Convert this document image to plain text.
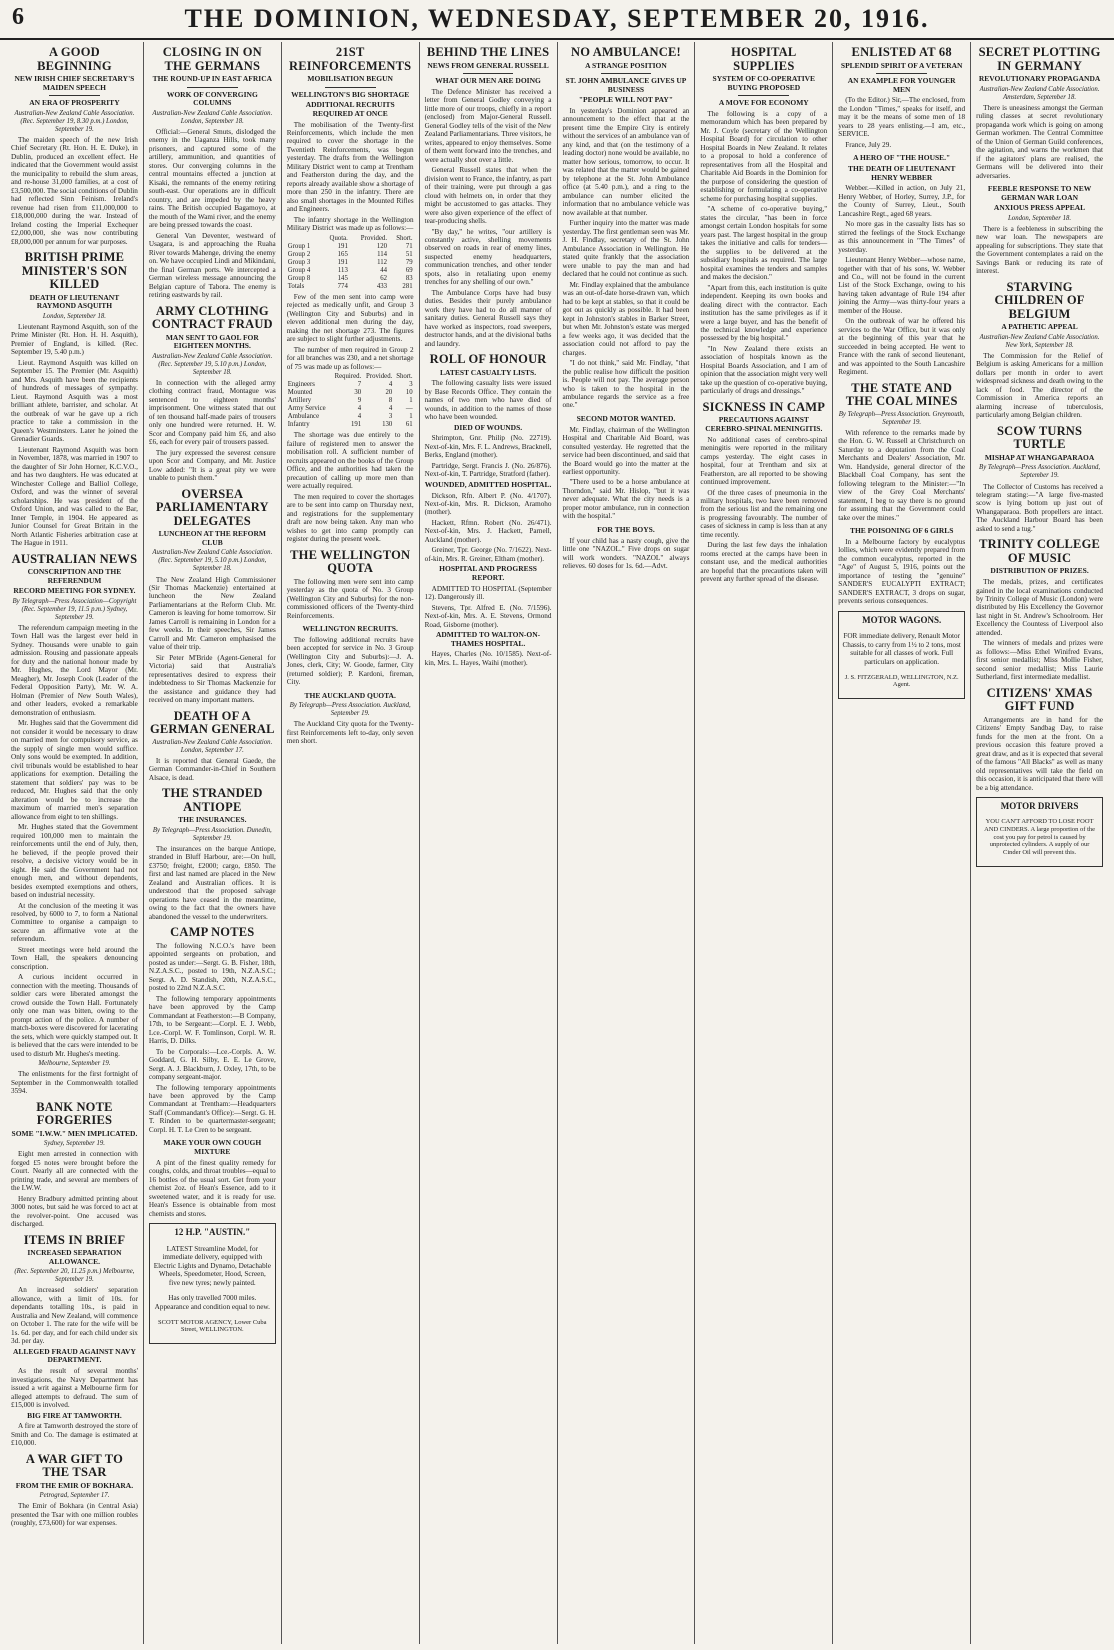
6	THE DOMINION, WEDNESDAY, SEPTEMBER 20, 1916.
A GOOD BEGINNING
NEW IRISH CHIEF SECRETARY'S MAIDEN SPEECH
AN ERA OF PROSPERITY

Australian-New Zealand Cable Association. (Rec. September 19, 8.30 p.m.) London, September 19.

The maiden speech of the new Irish Chief Secretary (Rt. Hon. H. E. Duke), in Dublin, produced an excellent effect. He indicated that the Government would assist the municipality to rebuild the slum areas, and re-house 31,000 families, at a cost of £3,500,000. The social conditions of Dublin had reflected Sinn Feinism. Ireland's revenue had risen from £11,000,000 to £18,000,000 during the war. Instead of Ireland costing the Imperial Exchequer £2,000,000, she was now contributing £8,000,000 per annum for war purposes.

BRITISH PRIME MINISTER'S SON KILLED
DEATH OF LIEUTENANT RAYMOND ASQUITH

London, September 18.

Lieutenant Raymond Asquith, son of the Prime Minister (Rt. Hon. H. H. Asquith), Premier of England, is killed. (Rec. September 19, 5.40 p.m.)

Lieut. Raymond Asquith was killed on September 15. The Premier (Mr. Asquith) and Mrs. Asquith have been the recipients of hundreds of messages of sympathy. Lieut. Raymond Asquith was a most brilliant athlete, barrister, and scholar. At the outbreak of war he gave up a rich practice to take a commission in the Queen's Westminsters. Later he joined the Grenadier Guards.

Lieutenant Raymond Asquith was born in November, 1878, was married in 1907 to the daughter of Sir John Horner, K.C.V.O., and has two daughters. He was educated at Winchester College and Balliol College, Oxford, and was the winner of several scholarships. He was president of the Oxford Union, and was called to the Bar, Inner Temple, in 1904. He appeared as Junior Counsel for Great Britain in the North Atlantic Fisheries arbitration case at The Hague in 1911.

AUSTRALIAN NEWS
CONSCRIPTION AND THE REFERENDUM
RECORD MEETING FOR SYDNEY.

By Telegraph—Press Association—Copyright (Rec. September 19, 11.5 p.m.) Sydney, September 19.

The referendum campaign meeting in the Town Hall was the largest ever held in Sydney. Thousands were unable to gain admission. Rousing and passionate appeals for duty and the national honour made by Mr. Hughes, the Lord Mayor (Mr. Meagher), Mr. Joseph Cook (Leader of the Federal Opposition Party), Mr. W. A. Holman (Premier of New South Wales), and other leaders, evoked a remarkable demonstration of enthusiasm.

Mr. Hughes said that the Government did not consider it would be necessary to draw on married men for compulsory service, as the supply of single men would suffice. Only sons would be exempted. In addition, civil tribunals would be established to hear applications for exemption. Detailing the statement that soldiers' pay was to be reduced, Mr. Hughes said that the only alteration would be to increase the maximum of married men's separation allowance from eight to ten shillings.

Mr. Hughes stated that the Government required 100,000 men to maintain the reinforcements until the end of July, then, he believed, if the people proved their resolve, a decisive victory would be in sight. He said the Government had not enough men, and without dependents, besides exempted exemptions and others, based on industrial necessity.

At the conclusion of the meeting it was resolved, by 6000 to 7, to form a National Committee to organise a campaign to secure an affirmative vote at the referendum.

Street meetings were held around the Town Hall, the speakers denouncing conscription.

A curious incident occurred in connection with the meeting. Thousands of soldier cars were liberated amongst the crowd outside the Town Hall. Fortunately only one man was bitten, owing to the prompt action of the police. A number of match-boxes were discovered for lacerating the sets, which were quickly stamped out. It is believed that the cars were intended to be used to disturb Mr. Hughes's meeting.

Melbourne, September 19.

The enlistments for the first fortnight of September in the Commonwealth totalled 3594.

BANK NOTE FORGERIES
SOME "I.W.W." MEN IMPLICATED.

Sydney, September 19.

Eight men arrested in connection with forged £5 notes were brought before the Court. Nearly all are connected with the printing trade, and several are members of the I.W.W.

Henry Bradbury admitted printing about 3000 notes, but said he was forced to act at the revolver-point. One accused was discharged.

ITEMS IN BRIEF
INCREASED SEPARATION ALLOWANCE.

(Rec. September 20, 11.25 p.m.) Melbourne, September 19.

An increased soldiers' separation allowance, with a limit of 10s. for dependants totalling 10s., is paid in Australia and New Zealand, will commence on October 1. The rate for the wife will be 1s. 6d. per day, and for each child under six 3d. per day.

ALLEGED FRAUD AGAINST NAVY DEPARTMENT.

As the result of several months' investigations, the Navy Department has issued a writ against a Melbourne firm for alleged attempts to defraud. The sum of £15,000 is involved.

BIG FIRE AT TAMWORTH.

A fire at Tamworth destroyed the store of Smith and Co. The damage is estimated at £10,000.

A WAR GIFT TO THE TSAR
FROM THE EMIR OF BOKHARA.

Petrograd, September 17.

The Emir of Bokhara (in Central Asia) presented the Tsar with one million roubles (roughly, £73,600) for war expenses.

CLOSING IN ON THE GERMANS
THE ROUND-UP IN EAST AFRICA
WORK OF CONVERGING COLUMNS

Australian-New Zealand Cable Association. London, September 18.

Official:—General Smuts, dislodged the enemy in the Uaganza Hills, took many prisoners, and captured some of the artillery, ammunition, and quantities of stores. Our converging columns in the central mountains effected a junction at Kisaki, the remnants of the enemy retiring south-east. Our operations are in difficult country, and are impeded by the heavy rains. The British occupied Bagamoyo, at the mouth of the Wami river, and the enemy are being pressed towards the coast.

General Van Deventer, westward of Usagara, is and approaching the Ruaha River towards Mahenge, driving the enemy on. We have occupied Lindi and Mikindani, the final German ports. We intercepted a German wireless message announcing the Belgian capture of Tabora. The enemy is retiring eastwards by rail.

ARMY CLOTHING CONTRACT FRAUD
MAN SENT TO GAOL FOR EIGHTEEN MONTHS.

Australian-New Zealand Cable Association. (Rec. September 19, 5.10 p.m.) London, September 18.

In connection with the alleged army clothing contract fraud, Montague was sentenced to eighteen months' imprisonment. One witness stated that out of ten thousand half-made pairs of trousers only one hundred were returned. H. W. Scor and Company paid him £6, and also £6, each for every pair of trousers passed.

The jury expressed the severest censure upon Scor and Company, and Mr. Justice Low added: "It is a great pity we were unable to punish them."

OVERSEA PARLIAMENTARY DELEGATES
LUNCHEON AT THE REFORM CLUB

Australian-New Zealand Cable Association. (Rec. September 19, 5.10 p.m.) London, September 18.

The New Zealand High Commissioner (Sir Thomas Mackenzie) entertained at luncheon the New Zealand Parliamentarians at the Reform Club. Mr. Cameron is leaving for home tomorrow. Sir James Carroll is remaining in London for a few weeks. In their speeches, Sir James Carroll and Mr. Cameron emphasised the value of their trip.

Sir Peter M'Bride (Agent-General for Victoria) said that Australia's representatives desired to express their indebtedness to Sir Thomas Mackenzie for the assistance and guidance they had received on many important matters.

DEATH OF A GERMAN GENERAL

Australian-New Zealand Cable Association. London, September 17.

It is reported that General Gaede, the German Commander-in-Chief in Southern Alsace, is dead.

THE STRANDED ANTIOPE
THE INSURANCES.

By Telegraph—Press Association. Dunedin, September 19.

The insurances on the barque Antiope, stranded in Bluff Harbour, are:—On hull, £3750; freight, £2000; cargo, £850. The first and last named are placed in the New Zealand and Australian offices. It is understood that the proposed salvage operations have ceased in the meantime, owing to the fact that the owners have abandoned the vessel to the underwriters.

CAMP NOTES

The following N.C.O.'s have been appointed sergeants on probation, and posted as under:—Sergt. G. B. Fisher, 18th, N.Z.A.S.C., posted to 19th, N.Z.A.S.C.; Sergt. A. D. Standish, 20th, N.Z.A.S.C., posted to 22nd N.Z.A.S.C.

The following temporary appointments have been approved by the Camp Commandant at Featherston:—B Company, 17th, to be Sergeant:—Corpl. E. J. Webb, Lce.-Corpl. W. F. Tomlinson, Corpl. W. R. Harris, D. Dilks.

To be Corporals:—Lce.-Corpls. A. W. Goddard, G. H. Silby, E. E. Le Grove, Sergt. A. J. Blackburn, J. Oxley, 17th, to be company sergeant-major.

The following temporary appointments have been approved by the Camp Commandant at Trentham:—Headquarters Staff (Commandant's Office):—Sergt. G. H. T. Rinden to be quartermaster-sergeant; Corpl. H. T. Le Cren to be sergeant.

MAKE YOUR OWN COUGH MIXTURE

A pint of the finest quality remedy for coughs, colds, and throat troubles—equal to 16 bottles of the usual sort. Get from your chemist 2oz. of Hean's Essence, add to it sweetened water, and it is ready for use. Hean's Essence is obtainable from most chemists and stores.

12 H.P. "AUSTIN."

LATEST Streamline Model, for immediate delivery, equipped with Electric Lights and Dynamo, Detachable Wheels, Speedometer, Hood, Screen, five new tyres; newly painted.

Has only travelled 7000 miles. Appearance and condition equal to new.

SCOTT MOTOR AGENCY, Lower Cuba Street, WELLINGTON.

21ST REINFORCEMENTS
MOBILISATION BEGUN
WELLINGTON'S BIG SHORTAGE
ADDITIONAL RECRUITS REQUIRED AT ONCE

The mobilisation of the Twenty-first Reinforcements, which include the men required to cover the shortage in the Twentieth Reinforcements, was begun yesterday. The drafts from the Wellington Military District went to camp at Trentham and Featherston during the day, and the reports already available show a shortage of more than 250 in the infantry. There are also small shortages in the Mounted Rifles and Engineers.

The infantry shortage in the Wellington Military District was made up as follows:—

	Quota.	Provided.	Short.
Group 1	191	120	71
Group 2	165	114	51
Group 3	191	112	79
Group 4	113	44	69
Group 8	145	62	83
Totals	774	433	281

Few of the men sent into camp were rejected as medically unfit, and Group 3 (Wellington City and Suburbs) and in eleven additional men during the day, making the net shortage 273. The figures are subject to slight further adjustments.

The number of men required in Group 2 for all branches was 230, and a net shortage of 75 was made up as follows:—

	Required.	Provided.	Short.
Engineers	7	4	3
Mounted	30	20	10
Artillery	9	8	1
Army Service	4	4	—
Ambulance	4	3	1
Infantry	191	130	61

The shortage was due entirely to the failure of registered men to answer the mobilisation roll. A sufficient number of recruits appeared on the books of the Group Office, and the authorities had taken the precaution of calling up more men than were actually required.

The men required to cover the shortages are to be sent into camp on Thursday next, and registrations for the supplementary draft are now being taken. Any man who wishes to get into camp promptly can register during the present week.

THE WELLINGTON QUOTA

The following men were sent into camp yesterday as the quota of No. 3 Group (Wellington City and Suburbs) for the non-commissioned officers of the Twenty-third Reinforcements.

WELLINGTON RECRUITS.

The following additional recruits have been accepted for service in No. 3 Group (Wellington City and Suburbs):—J. A. Jones, clerk, City; W. Goode, farmer, City (returned soldier); P. Kardoni, fireman, City.

THE AUCKLAND QUOTA.

By Telegraph—Press Association. Auckland, September 19.

The Auckland City quota for the Twenty-first Reinforcements left to-day, only seven men short.

BEHIND THE LINES
NEWS FROM GENERAL RUSSELL
WHAT OUR MEN ARE DOING

The Defence Minister has received a letter from General Godley conveying a little more of our troops, chiefly in a report (enclosed) from Major-General Russell. General Godley tells of the visit of the New Zealand Parliamentarians. Three visitors, he writes, appeared to enjoy themselves. Some of them went forward into the trenches, and were actually shot over a little.

General Russell states that when the division went to France, the infantry, as part of their training, were put through a gas cloud with helmets on, in order that they might be accustomed to gas attacks. They were also given experience of the effect of tear-producing shells.

"By day," he writes, "our artillery is constantly active, shelling movements observed on roads in rear of enemy lines, suspected enemy headquarters, communication trenches, and other tender spots, also in retaliating upon enemy trenches for any shelling of our own."

The Ambulance Corps have had busy duties. Besides their purely ambulance work they have had to do all manner of sanitary duties. General Russell says they have worked as inspectors, road sweepers, destructor hands, and at the divisional baths and laundry.

ROLL OF HONOUR
LATEST CASUALTY LISTS.

The following casualty lists were issued by Base Records Office. They contain the names of two men who have died of wounds, in addition to the names of those who have been wounded.

DIED OF WOUNDS.

Shrimpton, Gnr. Philip (No. 22719). Next-of-kin, Mrs. F. L. Andrews, Bracknell, Berks, England (mother).

Partridge, Sergt. Francis J. (No. 26/876). Next-of-kin, T. Partridge, Stratford (father).

WOUNDED, ADMITTED HOSPITAL.

Dickson, Rfn. Albert P. (No. 4/1707). Next-of-kin, Mrs. R. Dickson, Aramoho (mother).

Hackett, Rfmn. Robert (No. 26/471). Next-of-kin, Mrs. J. Hackett, Parnell, Auckland (mother).

Greiner, Tpr. George (No. 7/1622). Next-of-kin, Mrs. R. Greiner, Eltham (mother).

HOSPITAL AND PROGRESS REPORT.

ADMITTED TO HOSPITAL (September 12). Dangerously ill.

Stevens, Tpr. Alfred E. (No. 7/1596). Next-of-kin, Mrs. A. E. Stevens, Ormond Road, Gisborne (mother).

ADMITTED TO WALTON-ON-THAMES HOSPITAL.

Hayes, Charles (No. 10/1585). Next-of-kin, Mrs. L. Hayes, Waihi (mother).

NO AMBULANCE!
A STRANGE POSITION
ST. JOHN AMBULANCE GIVES UP BUSINESS
"PEOPLE WILL NOT PAY"

In yesterday's Dominion appeared an announcement to the effect that at the present time the Empire City is entirely without the services of an ambulance van of any kind, and that (on the testimony of a leading doctor) none would be available, no matter how serious, tomorrow, to occur. It was related that the matter would be gained by telephone at the St. John Ambulance office (at 5.40 p.m.), and a ring to the ambulance can number elicited the information that no ambulance vehicle was now available at that number.

Further inquiry into the matter was made yesterday. The first gentleman seen was Mr. J. H. Findlay, secretary of the St. John Ambulance Association in Wellington. He stated quite frankly that the association were unable to pay the man and had declared that he could not continue as such.

Mr. Findlay explained that the ambulance was an out-of-date horse-drawn van, which had to be kept at stables, so that it could be got out as quickly as possible. It had been kept in Johnston's stables in Barker Street, but when Mr. Johnston's estate was merged a few weeks ago, it was decided that the association could not afford to pay the charges.

"I do not think," said Mr. Findlay, "that the public realise how difficult the position is. People will not pay. The average person who is taken to the hospital in the ambulance regards the service as a free one."

SECOND MOTOR WANTED.

Mr. Findlay, chairman of the Wellington Hospital and Charitable Aid Board, was consulted yesterday. He regretted that the service had been discontinued, and said that the Board would go into the matter at the earliest opportunity.

"There used to be a horse ambulance at Thorndon," said Mr. Hislop, "but it was never adequate. What the city needs is a proper motor ambulance, run in connection with the hospital."

FOR THE BOYS.

If your child has a nasty cough, give the little one "NAZOL." Five drops on sugar will work wonders. "NAZOL" always relieves. 60 doses for 1s. 6d.—Advt.

HOSPITAL SUPPLIES
SYSTEM OF CO-OPERATIVE BUYING PROPOSED
A MOVE FOR ECONOMY

The following is a copy of a memorandum which has been prepared by Mr. J. Coyle (secretary of the Wellington Hospital Board) for circulation to other Hospital Boards in New Zealand. It relates to a proposal to hold a conference of representatives from all the Hospital and Charitable Aid Boards in the Dominion for the purpose of considering the question of establishing or formulating a co-operative scheme for purchasing hospital supplies.

"A scheme of co-operative buying," states the circular, "has been in force amongst certain London hospitals for some years past. The largest hospital in the group takes the initiative and calls for tenders—the supplies to be delivered at the subsidiary hospitals as required. The large hospital examines the tenders and samples and makes the decision."

"Apart from this, each institution is quite independent. Keeping its own books and dealing direct with the contractor. Each institution has the same privileges as if it were a large buyer, and has the benefit of the technical knowledge and experience possessed by the big hospital."

"In New Zealand there exists an association of hospitals known as the Hospital Boards Association, and I am of opinion that the association might very well take up the question of co-operative buying, particularly of drugs and dressings."

SICKNESS IN CAMP
PRECAUTIONS AGAINST CEREBRO-SPINAL MENINGITIS.

No additional cases of cerebro-spinal meningitis were reported in the military camps yesterday. The eight cases in hospital, four at Trentham and six at Featherston, are all reported to be showing continued improvement.

Of the three cases of pneumonia in the military hospitals, two have been removed from the serious list and the remaining one is progressing favourably. The number of cases of sickness in camp is less than at any time recently.

During the last few days the inhalation rooms erected at the camps have been in constant use, and the medical authorities are hopeful that the precautions taken will prevent any further spread of the disease.

ENLISTED AT 68
SPLENDID SPIRIT OF A VETERAN
AN EXAMPLE FOR YOUNGER MEN

(To the Editor.) Sir,—The enclosed, from the London "Times," speaks for itself, and may it be the means of some men of 18 years to 28 years enlisting.—I am, etc., SERVICE.

France, July 29.

A HERO OF "THE HOUSE."
THE DEATH OF LIEUTENANT HENRY WEBBER

Webber.—Killed in action, on July 21, Henry Webber, of Horley, Surrey, J.P., for the County of Surrey, Lieut., South Lancashire Regt., aged 68 years.

No more gas in the casualty lists has so stirred the feelings of the Stock Exchange as this announcement in "The Times" of yesterday.

Lieutenant Henry Webber—whose name, together with that of his sons, W. Webber and Co., will not be found in the current List of the Stock Exchange, owing to his having taken advantage of Rule 194 after joining the Army—was thirty-four years a member of the House.

On the outbreak of war he offered his services to the War Office, but it was only at the beginning of this year that he succeeded in being accepted. He went to France with the rank of second lieutenant, and was appointed to the South Lancashire Regiment.

THE STATE AND THE COAL MINES

By Telegraph—Press Association. Greymouth, September 19.

With reference to the remarks made by the Hon. G. W. Russell at Christchurch on Saturday to a deputation from the Coal Merchants and Dealers' Association, Mr. Wm. Handyside, general director of the Blackball Coal Company, has sent the following telegram to the Minister:—"In view of the Grey Coal Merchants' statement, I beg to say there is no ground for assuming that the Government could take over the mines."

THE POISONING OF 6 GIRLS

In a Melbourne factory by eucalyptus lollies, which were evidently prepared from the common eucalyptus, reported in the "Age" of August 5, 1916, points out the importance of testing the "genuine" SANDER'S EUCALYPTI EXTRACT; SANDER'S EXTRACT, 3 drops on sugar, prevents serious consequences.

MOTOR WAGONS.

FOR immediate delivery, Renault Motor Chassis, to carry from 1½ to 2 tons, most suitable for all classes of work. Full particulars on application.

J. S. FITZGERALD, WELLINGTON, N.Z. Agent.

SECRET PLOTTING IN GERMANY
REVOLUTIONARY PROPAGANDA

Australian-New Zealand Cable Association. Amsterdam, September 18.

There is uneasiness amongst the German ruling classes at secret revolutionary propaganda work which is going on among German workmen. The Central Committee of the Union of German Guild conferences, the agitation, and warns the workmen that if the agitators' plans are realised, the Germans will be delivered into their adversaries.

FEEBLE RESPONSE TO NEW GERMAN WAR LOAN
ANXIOUS PRESS APPEAL

London, September 18.

There is a feebleness in subscribing the new war loan. The newspapers are appealing for subscriptions. They state that the Government contemplates a raid on the Savings Bank or reducing its rate of interest.

STARVING CHILDREN OF BELGIUM
A PATHETIC APPEAL

Australian-New Zealand Cable Association. New York, September 18.

The Commission for the Relief of Belgium is asking Americans for a million dollars per month in order to avert widespread sickness and death owing to the lack of food. The director of the Commission in America reports an alarming increase of tuberculosis, particularly among Belgian children.

SCOW TURNS TURTLE
MISHAP AT WHANGAPARAOA

By Telegraph—Press Association. Auckland, September 19.

The Collector of Customs has received a telegram stating:—"A large five-masted scow is lying bottom up just out of Whangaparaoa. Both propellers are intact. The Auckland Harbour Board has been asked to send a tug."

TRINITY COLLEGE OF MUSIC
DISTRIBUTION OF PRIZES.

The medals, prizes, and certificates gained in the local examinations conducted by Trinity College of Music (London) were distributed by His Excellency the Governor last night in St. Andrew's Schoolroom. Her Excellency the Countess of Liverpool also attended.

The winners of medals and prizes were as follows:—Miss Ethel Winifred Evans, first senior medallist; Miss Mollie Fisher, second senior medallist; Miss Laurie Sutherland, first intermediate medallist.

CITIZENS' XMAS GIFT FUND

Arrangements are in hand for the Citizens' Empty Sandbag Day, to raise funds for the men at the front. On a previous occasion this feature proved a great draw, and as it is expected that several of the famous "All Blacks" as well as many old representatives will take the field on this occasion, it is anticipated that there will be a big attendance.

MOTOR DRIVERS

YOU CAN'T AFFORD TO LOSE FOOT AND CINDERS. A large proportion of the cost you pay for petrol is caused by unprotected cylinders. A supply of our Cinder Oil will prevent this.
